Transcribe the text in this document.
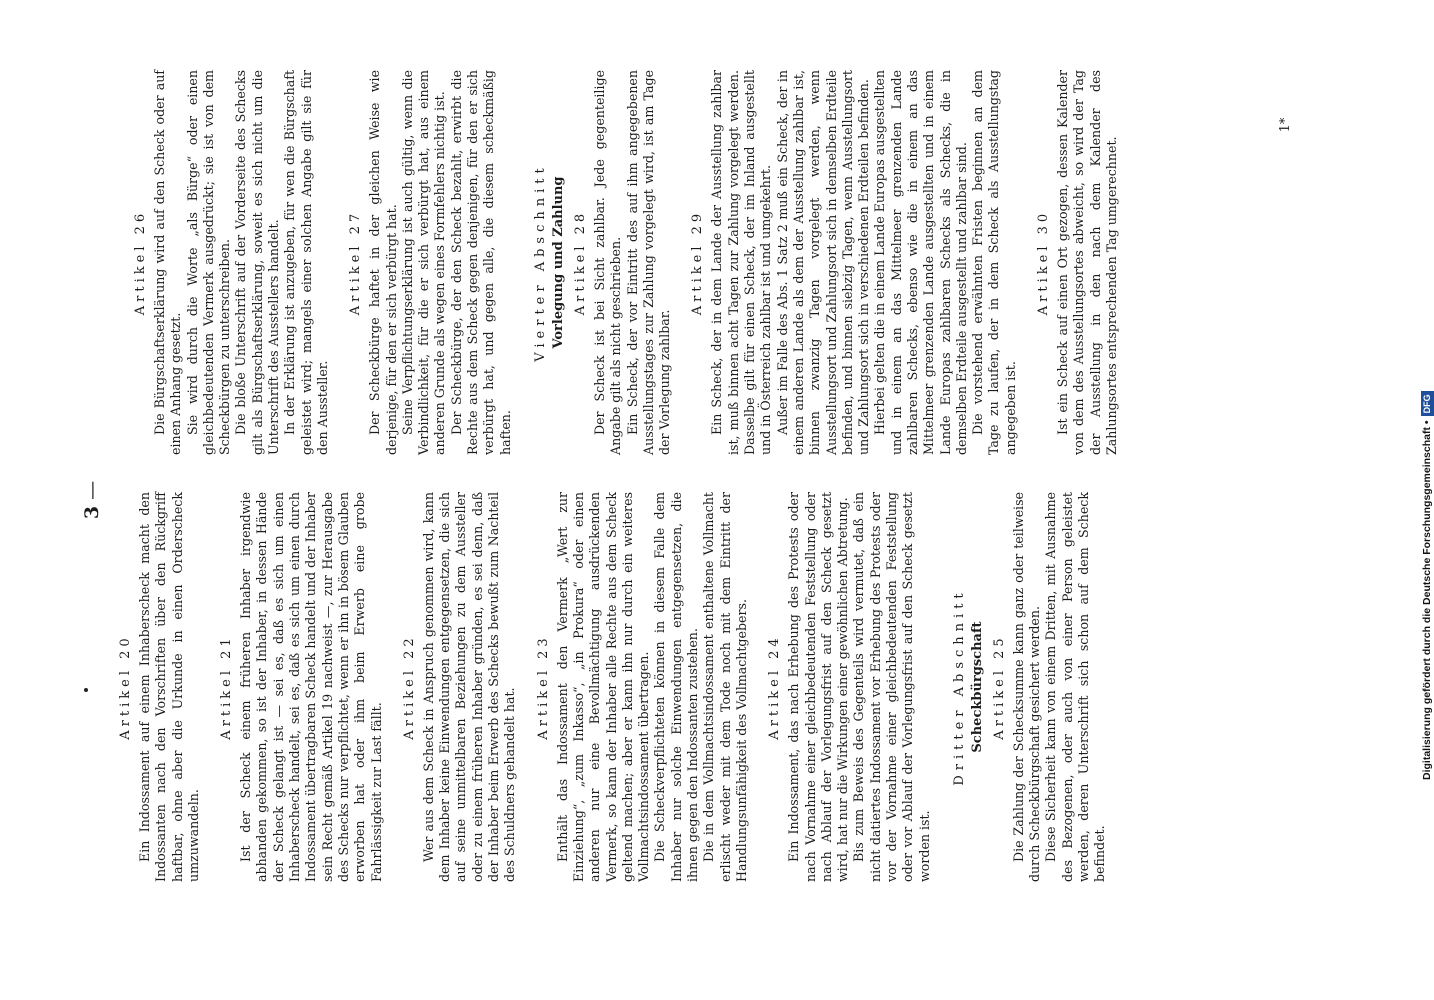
3—
Artikel 20 Ein Indossament auf einem Inhaberscheck macht den Indossanten nach den Vorschriften über den Rückgriff haftbar, ohne aber die Urkunde in einen Orderscheck umzuwandeln.

Artikel 21 Ist der Scheck einem früheren Inhaber irgendwie abhanden gekommen, so ist der Inhaber, in dessen Hände der Scheck gelangt ist — sei es, daß es sich um einen Inhaberscheck handelt, sei es, daß es sich um einen durch Indossament übertragbaren Scheck handelt und der Inhaber sein Recht gemäß Artikel 19 nachweist —, zur Herausgabe des Schecks nur verpflichtet, wenn er ihn in bösem Glauben erworben hat oder ihm beim Erwerb eine grobe Fahrlässigkeit zur Last fällt.

Artikel 22 Wer aus dem Scheck in Anspruch genommen wird, kann dem Inhaber keine Einwendungen entgegensetzen, die sich auf seine unmittelbaren Beziehungen zu dem Aussteller oder zu einem früheren Inhaber gründen, es sei denn, daß der Inhaber beim Erwerb des Schecks bewußt zum Nachteil des Schuldners gehandelt hat.

Artikel 23 Enthält das Indossament den Vermerk „Wert zur Einziehung“, „zum Inkasso“, „in Prokura“ oder einen anderen nur eine Bevollmächtigung ausdrückenden Vermerk, so kann der Inhaber alle Rechte aus dem Scheck geltend machen; aber er kann ihn nur durch ein weiteres Vollmachtsindossament übertragen. Die Scheckverpflichteten können in diesem Falle dem Inhaber nur solche Einwendungen entgegensetzen, die ihnen gegen den Indossanten zustehen. Die in dem Vollmachtsindossament enthaltene Vollmacht erlischt weder mit dem Tode noch mit dem Eintritt der Handlungsunfähigkeit des Vollmachtgebers. Artikel 24 Ein Indossament, das nach Erhebung des Protests oder nach Vornahme einer gleichbedeutenden Feststellung oder nach Ablauf der Vorlegungsfrist auf den Scheck gesetzt wird, hat nur die Wirkungen einer gewöhnlichen Abtretung. Bis zum Beweis des Gegenteils wird vermutet, daß ein nicht datiertes Indossament vor Erhebung des Protests oder vor der Vornahme einer gleichbedeutenden Feststellung oder vor Ablauf der Vorlegungsfrist auf den Scheck gesetzt worden ist.

Dritter Abschnitt Scheckbürgschaft Artikel 25 Die Zahlung der Schecksumme kann ganz oder teilweise durch Scheckbürgschaft gesichert werden. Diese Sicherheit kann von einem Dritten, mit Ausnahme des Bezogenen, oder auch von einer Person geleistet werden, deren Unterschrift sich schon auf dem Scheck befindet.

Artikel 26 Die Bürgschaftserklärung wird auf den Scheck oder auf einen Anhang gesetzt. Sie wird durch die Worte „als Bürge“ oder einen gleichbedeutenden Vermerk ausgedrückt; sie ist von dem Scheckbürgen zu unterschreiben. Die bloße Unterschrift auf der Vorderseite des Schecks gilt als Bürgschaftserklärung, soweit es sich nicht um die Unterschrift des Ausstellers handelt. In der Erklärung ist anzugeben, für wen die Bürgschaft geleistet wird; mangels einer solchen Angabe gilt sie für den Aussteller.

Artikel 27 Der Scheckbürge haftet in der gleichen Weise wie derjenige, für den er sich verbürgt hat. Seine Verpflichtungserklärung ist auch gültig, wenn die Verbindlichkeit, für die er sich verbürgt hat, aus einem anderen Grunde als wegen eines Formfehlers nichtig ist. Der Scheckbürge, der den Scheck bezahlt, erwirbt die Rechte aus dem Scheck gegen denjenigen, für den er sich verbürgt hat, und gegen alle, die diesem scheckmäßig haften.

Vierter Abschnitt Vorlegung und Zahlung Artikel 28 Der Scheck ist bei Sicht zahlbar. Jede gegenteilige Angabe gilt als nicht geschrieben. Ein Scheck, der vor Eintritt des auf ihm angegebenen Ausstellungstages zur Zahlung vorgelegt wird, ist am Tage der Vorlegung zahlbar.

Artikel 29 Ein Scheck, der in dem Lande der Ausstellung zahlbar ist, muß binnen acht Tagen zur Zahlung vorgelegt werden. Dasselbe gilt für einen Scheck, der im Inland ausgestellt und in Österreich zahlbar ist und umgekehrt. Außer im Falle des Abs. 1 Satz 2 muß ein Scheck, der in einem anderen Lande als dem der Ausstellung zahlbar ist, binnen zwanzig Tagen vorgelegt werden, wenn Ausstellungsort und Zahlungsort sich in demselben Erdteile befinden, und binnen siebzig Tagen, wenn Ausstellungsort und Zahlungsort sich in verschiedenen Erdteilen befinden. Hierbei gelten die in einem Lande Europas ausgestellten und in einem an das Mittelmeer grenzenden Lande zahlbaren Schecks, ebenso wie die in einem an das Mittelmeer grenzenden Lande ausgestellten und in einem Lande Europas zahlbaren Schecks als Schecks, die in demselben Erdteile ausgestellt und zahlbar sind. Die vorstehend erwähnten Fristen beginnen an dem Tage zu laufen, der in dem Scheck als Ausstellungstag angegeben ist.

Artikel 30 Ist ein Scheck auf einen Ort gezogen, dessen Kalender von dem des Ausstellungsortes abweicht, so wird der Tag der Ausstellung in den nach dem Kalender des Zahlungsortes entsprechenden Tag umgerechnet.

1*
Digitalisierung gefördert durch die Deutsche Forschungsgemeinschaft •
DFG
